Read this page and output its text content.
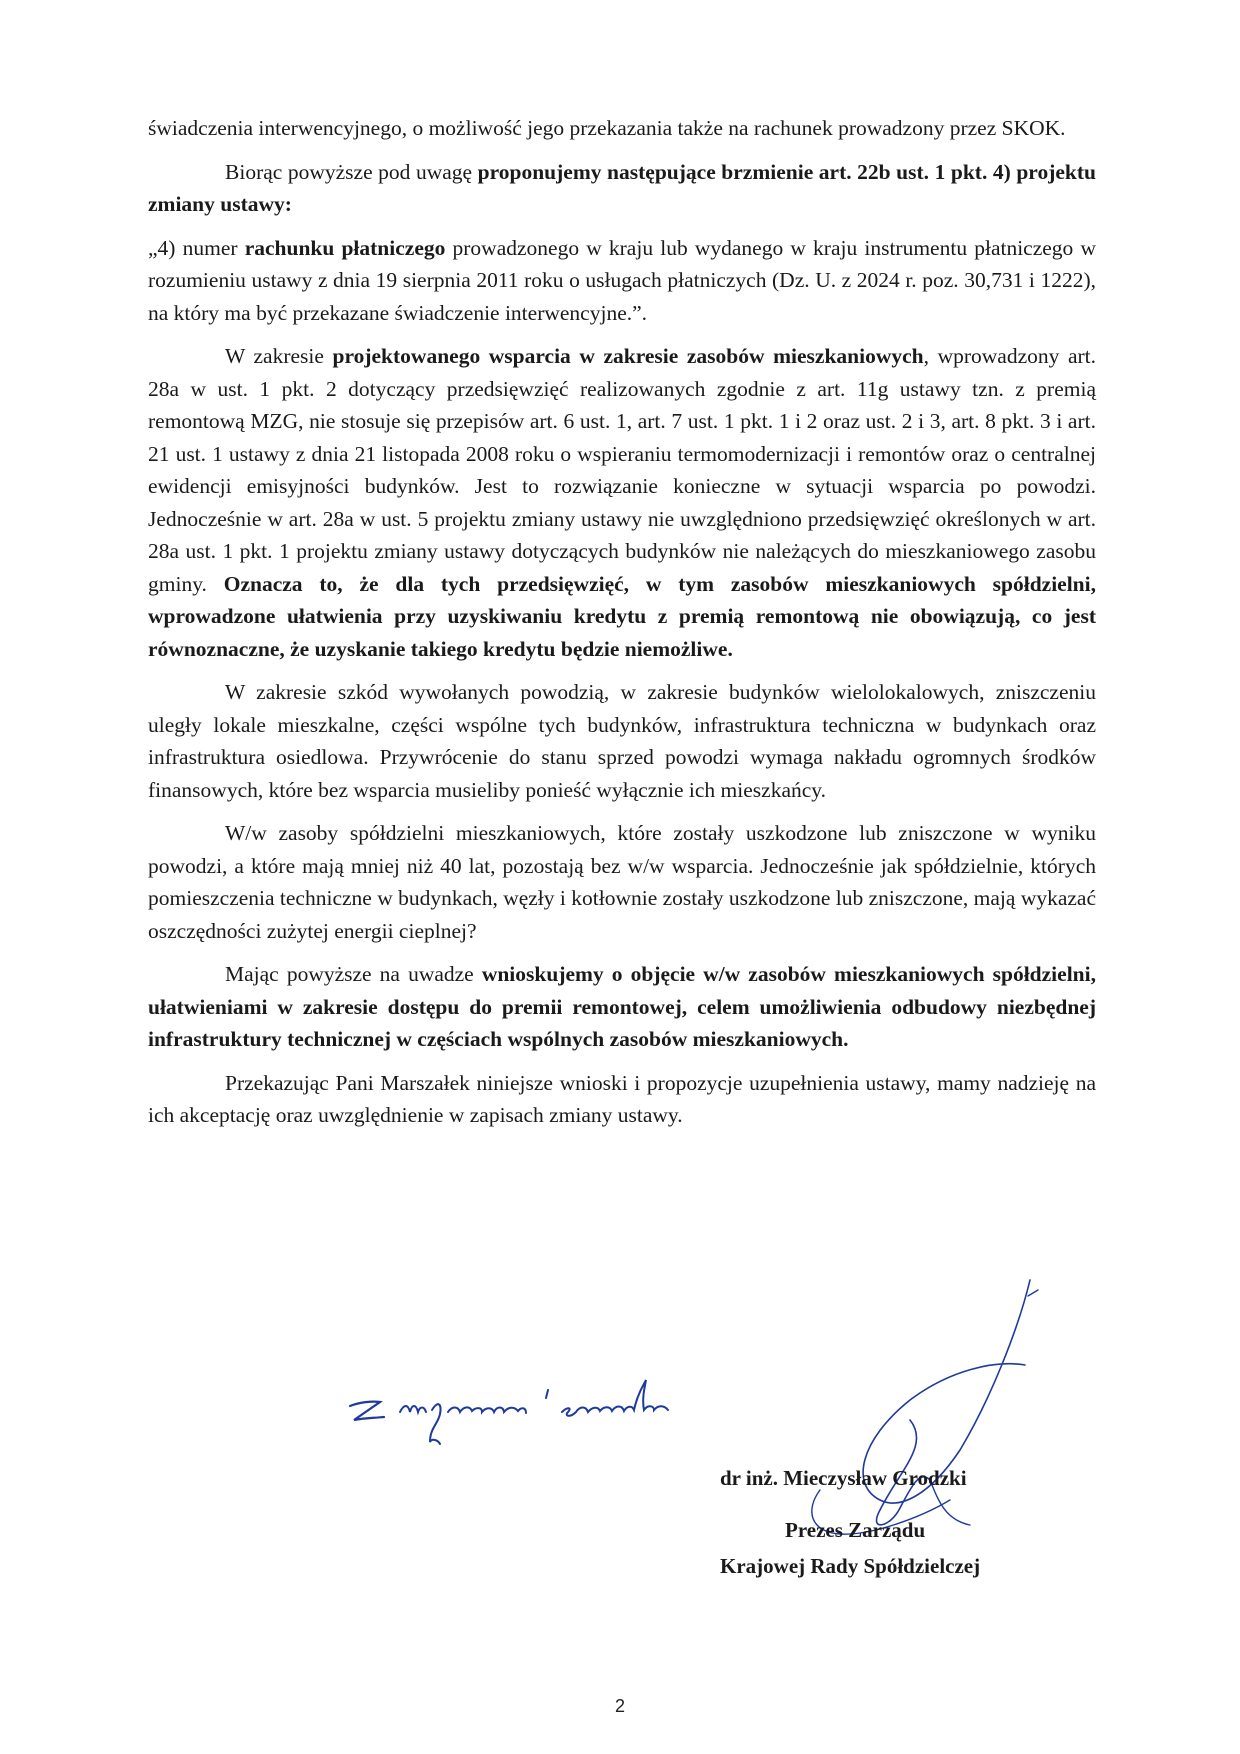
świadczenia interwencyjnego, o możliwość jego przekazania także na rachunek prowadzony przez SKOK.

Biorąc powyższe pod uwagę proponujemy następujące brzmienie art. 22b ust. 1 pkt. 4) projektu zmiany ustawy:

„4) numer rachunku płatniczego prowadzonego w kraju lub wydanego w kraju instrumentu płatniczego w rozumieniu ustawy z dnia 19 sierpnia 2011 roku o usługach płatniczych (Dz. U. z 2024 r. poz. 30,731 i 1222), na który ma być przekazane świadczenie interwencyjne.”.

W zakresie projektowanego wsparcia w zakresie zasobów mieszkaniowych, wprowadzony art. 28a w ust. 1 pkt. 2 dotyczący przedsięwzięć realizowanych zgodnie z art. 11g ustawy tzn. z premią remontową MZG, nie stosuje się przepisów art. 6 ust. 1, art. 7 ust. 1 pkt. 1 i 2 oraz ust. 2 i 3, art. 8 pkt. 3 i art. 21 ust. 1 ustawy z dnia 21 listopada 2008 roku o wspieraniu termomodernizacji i remontów oraz o centralnej ewidencji emisyjności budynków. Jest to rozwiązanie konieczne w sytuacji wsparcia po powodzi. Jednocześnie w art. 28a w ust. 5 projektu zmiany ustawy nie uwzględniono przedsięwzięć określonych w art. 28a ust. 1 pkt. 1 projektu zmiany ustawy dotyczących budynków nie należących do mieszkaniowego zasobu gminy. Oznacza to, że dla tych przedsięwzięć, w tym zasobów mieszkaniowych spółdzielni, wprowadzone ułatwienia przy uzyskiwaniu kredytu z premią remontową nie obowiązują, co jest równoznaczne, że uzyskanie takiego kredytu będzie niemożliwe.

W zakresie szkód wywołanych powodzią, w zakresie budynków wielolokalowych, zniszczeniu uległy lokale mieszkalne, części wspólne tych budynków, infrastruktura techniczna w budynkach oraz infrastruktura osiedlowa. Przywrócenie do stanu sprzed powodzi wymaga nakładu ogromnych środków finansowych, które bez wsparcia musieliby ponieść wyłącznie ich mieszkańcy.

W/w zasoby spółdzielni mieszkaniowych, które zostały uszkodzone lub zniszczone w wyniku powodzi, a które mają mniej niż 40 lat, pozostają bez w/w wsparcia. Jednocześnie jak spółdzielnie, których pomieszczenia techniczne w budynkach, węzły i kotłownie zostały uszkodzone lub zniszczone, mają wykazać oszczędności zużytej energii cieplnej?

Mając powyższe na uwadze wnioskujemy o objęcie w/w zasobów mieszkaniowych spółdzielni, ułatwieniami w zakresie dostępu do premii remontowej, celem umożliwienia odbudowy niezbędnej infrastruktury technicznej w częściach wspólnych zasobów mieszkaniowych.

Przekazując Pani Marszałek niniejsze wnioski i propozycje uzupełnienia ustawy, mamy nadzieję na ich akceptację oraz uwzględnienie w zapisach zmiany ustawy.

dr inż. Mieczysław Grodzki
Prezes Zarządu
Krajowej Rady Spółdzielczej
2
